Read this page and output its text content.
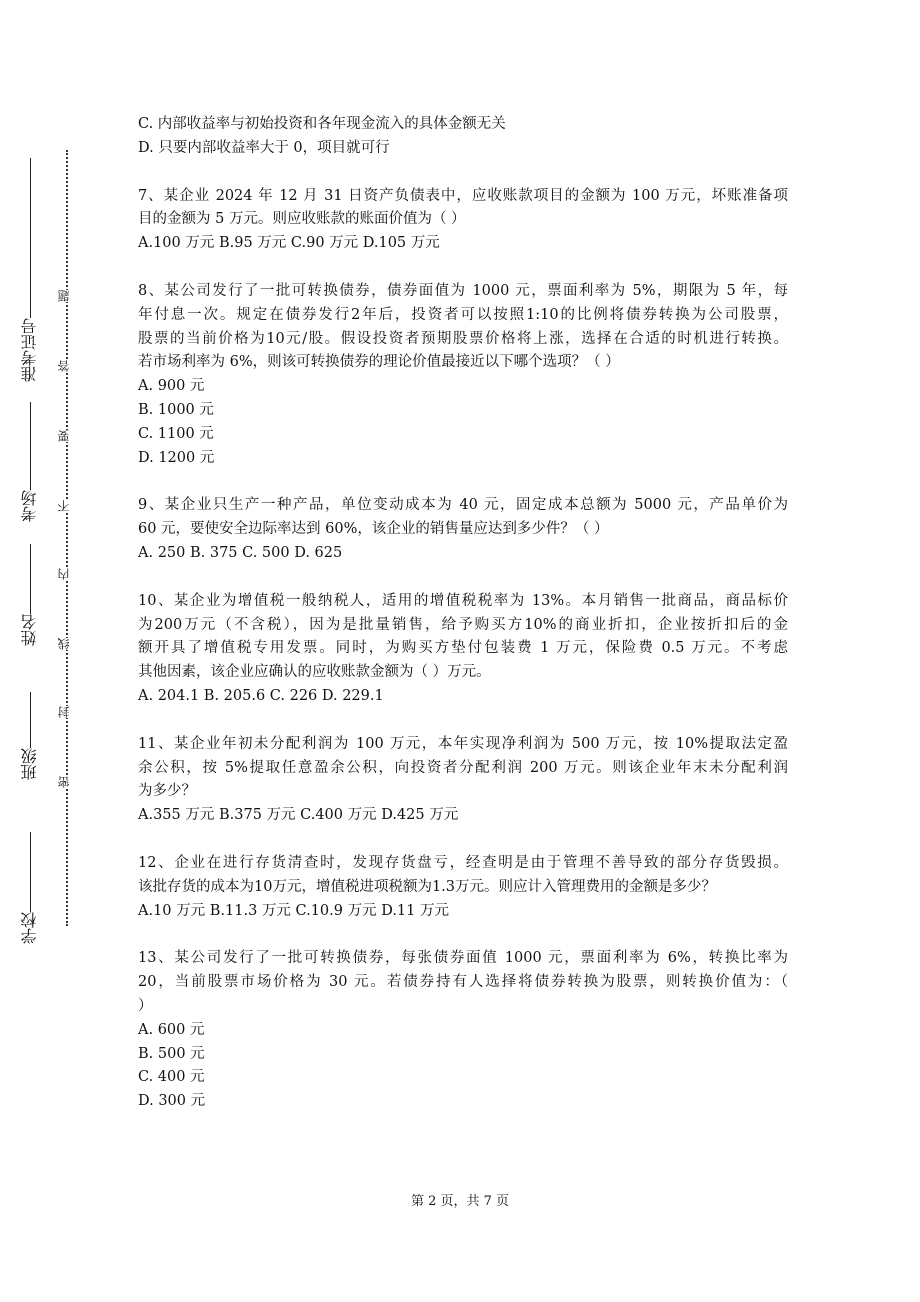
准考证号
考场
姓名
班级
学校
题
答
要
不
内
线
封
密
C. 内部收益率与初始投资和各年现金流入的具体金额无关
D. 只要内部收益率大于 0，项目就可行
7、某企业 2024 年 12 月 31 日资产负债表中，应收账款项目的金额为 100 万元，坏账准备项
目的金额为 5 万元。则应收账款的账面价值为（ ）
A.100 万元 B.95 万元 C.90 万元 D.105 万元
8、某公司发行了一批可转换债券，债券面值为 1000 元，票面利率为 5%，期限为 5 年，每
年付息一次。规定在债券发行2年后，投资者可以按照1:10的比例将债券转换为公司股票，
股票的当前价格为10元/股。假设投资者预期股票价格将上涨，选择在合适的时机进行转换。
若市场利率为 6%，则该可转换债券的理论价值最接近以下哪个选项？（ ）
A. 900 元
B. 1000 元
C. 1100 元
D. 1200 元
9、某企业只生产一种产品，单位变动成本为 40 元，固定成本总额为 5000 元，产品单价为
60 元，要使安全边际率达到 60%，该企业的销售量应达到多少件？（ ）
A. 250 B. 375 C. 500 D. 625
10、某企业为增值税一般纳税人，适用的增值税税率为 13%。本月销售一批商品，商品标价
为200万元（不含税），因为是批量销售，给予购买方10%的商业折扣，企业按折扣后的金
额开具了增值税专用发票。同时，为购买方垫付包装费 1 万元，保险费 0.5 万元。不考虑
其他因素，该企业应确认的应收账款金额为（ ）万元。
A. 204.1 B. 205.6 C. 226 D. 229.1
11、某企业年初未分配利润为 100 万元，本年实现净利润为 500 万元，按 10%提取法定盈
余公积，按 5%提取任意盈余公积，向投资者分配利润 200 万元。则该企业年末未分配利润
为多少？
A.355 万元 B.375 万元 C.400 万元 D.425 万元
12、企业在进行存货清查时，发现存货盘亏，经查明是由于管理不善导致的部分存货毁损。
该批存货的成本为10万元，增值税进项税额为1.3万元。则应计入管理费用的金额是多少？
A.10 万元 B.11.3 万元 C.10.9 万元 D.11 万元
13、某公司发行了一批可转换债券，每张债券面值 1000 元，票面利率为 6%，转换比率为
20，当前股票市场价格为 30 元。若债券持有人选择将债券转换为股票，则转换价值为：（
）
A. 600 元
B. 500 元
C. 400 元
D. 300 元
第 2 页，共 7 页
